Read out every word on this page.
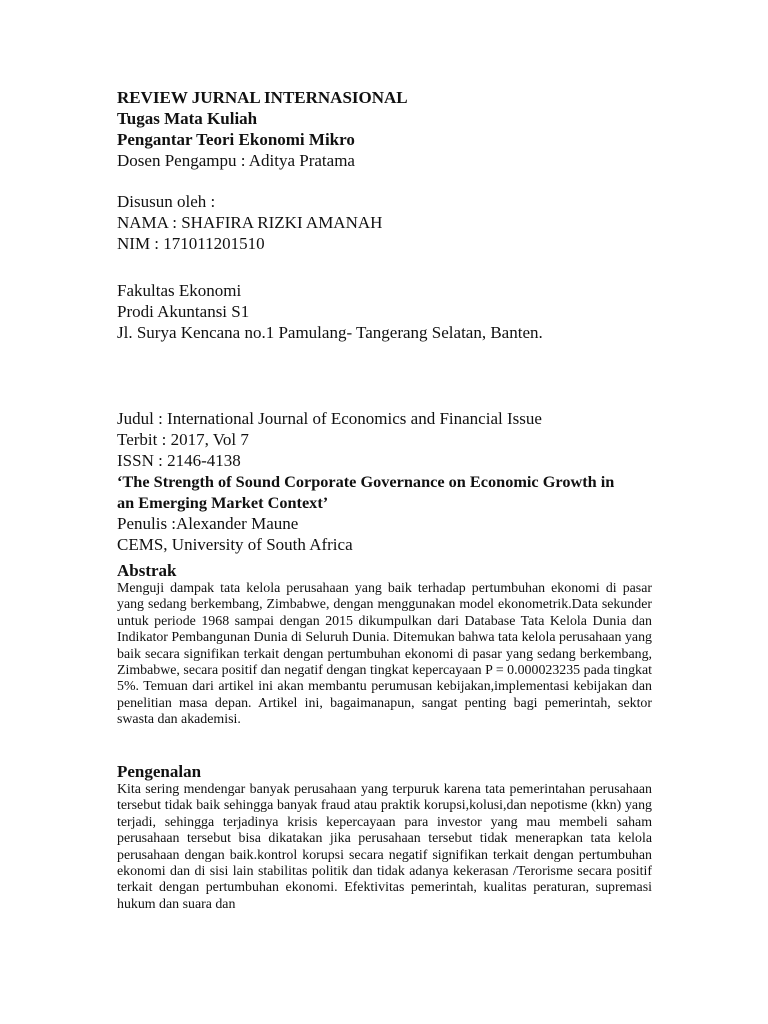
REVIEW JURNAL INTERNASIONAL
Tugas Mata Kuliah
Pengantar Teori Ekonomi Mikro
Dosen Pengampu : Aditya Pratama
Disusun oleh :
NAMA : SHAFIRA RIZKI AMANAH
NIM : 171011201510
Fakultas Ekonomi
Prodi Akuntansi S1
Jl. Surya Kencana no.1 Pamulang- Tangerang Selatan, Banten.
Judul : International Journal of Economics and Financial Issue
Terbit : 2017, Vol 7
ISSN : 2146-4138
‘The Strength of Sound Corporate Governance on Economic Growth in
an Emerging Market Context’
Penulis :Alexander Maune
CEMS, University of South Africa
Abstrak

Menguji dampak tata kelola perusahaan yang baik terhadap pertumbuhan ekonomi di pasar yang sedang berkembang, Zimbabwe, dengan menggunakan model ekonometrik.Data sekunder untuk periode 1968 sampai dengan 2015 dikumpulkan dari Database Tata Kelola Dunia dan Indikator Pembangunan Dunia di Seluruh Dunia. Ditemukan bahwa tata kelola perusahaan yang baik secara signifikan terkait dengan pertumbuhan ekonomi di pasar yang sedang berkembang, Zimbabwe, secara positif dan negatif dengan tingkat kepercayaan P = 0.000023235 pada tingkat 5%. Temuan dari artikel ini akan membantu perumusan kebijakan,implementasi kebijakan dan penelitian masa depan. Artikel ini, bagaimanapun, sangat penting bagi pemerintah, sektor swasta dan akademisi.

Pengenalan

Kita sering mendengar banyak perusahaan yang terpuruk karena tata pemerintahan perusahaan tersebut tidak baik sehingga banyak fraud atau praktik korupsi,kolusi,dan nepotisme (kkn) yang terjadi, sehingga terjadinya krisis kepercayaan para investor yang mau membeli saham perusahaan tersebut bisa dikatakan jika perusahaan tersebut tidak menerapkan tata kelola perusahaan dengan baik.kontrol korupsi secara negatif signifikan terkait dengan pertumbuhan ekonomi dan di sisi lain stabilitas politik dan tidak adanya kekerasan /Terorisme secara positif terkait dengan pertumbuhan ekonomi. Efektivitas pemerintah, kualitas peraturan, supremasi hukum dan suara dan
